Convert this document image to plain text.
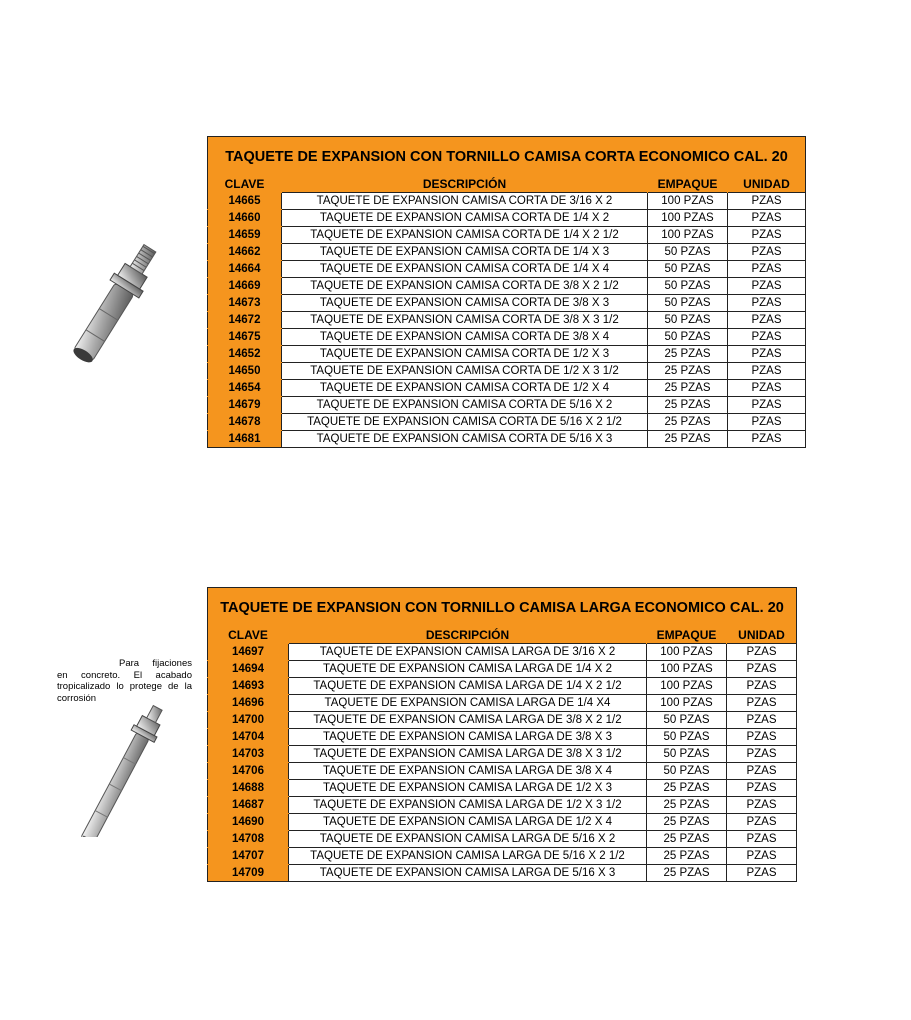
Para fijaciones en concreto. El acabado tropicalizado lo protege de la corrosión
TAQUETE DE EXPANSION CON TORNILLO CAMISA CORTA ECONOMICO CAL. 20			
CLAVE	DESCRIPCIÓN	EMPAQUE	UNIDAD
14665	TAQUETE DE EXPANSION CAMISA CORTA DE 3/16 X 2	100 PZAS	PZAS
14660	TAQUETE DE EXPANSION CAMISA CORTA DE 1/4 X 2	100 PZAS	PZAS
14659	TAQUETE DE EXPANSION CAMISA CORTA DE 1/4 X 2 1/2	100 PZAS	PZAS
14662	TAQUETE DE EXPANSION CAMISA CORTA DE 1/4 X 3	50 PZAS	PZAS
14664	TAQUETE DE EXPANSION CAMISA CORTA DE 1/4 X 4	50 PZAS	PZAS
14669	TAQUETE DE EXPANSION CAMISA CORTA DE 3/8 X 2 1/2	50 PZAS	PZAS
14673	TAQUETE DE EXPANSION CAMISA CORTA DE 3/8 X 3	50 PZAS	PZAS
14672	TAQUETE DE EXPANSION CAMISA CORTA DE 3/8 X 3 1/2	50 PZAS	PZAS
14675	TAQUETE DE EXPANSION CAMISA CORTA DE 3/8 X 4	50 PZAS	PZAS
14652	TAQUETE DE EXPANSION CAMISA CORTA DE 1/2 X 3	25 PZAS	PZAS
14650	TAQUETE DE EXPANSION CAMISA CORTA DE 1/2 X 3 1/2	25 PZAS	PZAS
14654	TAQUETE DE EXPANSION CAMISA CORTA DE 1/2 X 4	25 PZAS	PZAS
14679	TAQUETE DE EXPANSION CAMISA CORTA DE 5/16 X 2	25 PZAS	PZAS
14678	TAQUETE DE EXPANSION CAMISA CORTA DE 5/16 X 2 1/2	25 PZAS	PZAS
14681	TAQUETE DE EXPANSION CAMISA CORTA DE 5/16 X 3	25 PZAS	PZAS
TAQUETE DE EXPANSION CON TORNILLO CAMISA LARGA ECONOMICO CAL. 20			
CLAVE	DESCRIPCIÓN	EMPAQUE	UNIDAD
14697	TAQUETE DE EXPANSION CAMISA LARGA DE 3/16 X 2	100 PZAS	PZAS
14694	TAQUETE DE EXPANSION CAMISA LARGA DE 1/4 X 2	100 PZAS	PZAS
14693	TAQUETE DE EXPANSION CAMISA LARGA DE 1/4 X 2 1/2	100 PZAS	PZAS
14696	TAQUETE DE EXPANSION CAMISA LARGA DE 1/4 X4	100 PZAS	PZAS
14700	TAQUETE DE EXPANSION CAMISA LARGA DE 3/8 X 2 1/2	50 PZAS	PZAS
14704	TAQUETE DE EXPANSION CAMISA LARGA DE 3/8 X 3	50 PZAS	PZAS
14703	TAQUETE DE EXPANSION CAMISA LARGA DE 3/8 X 3 1/2	50 PZAS	PZAS
14706	TAQUETE DE EXPANSION CAMISA LARGA DE 3/8 X 4	50 PZAS	PZAS
14688	TAQUETE DE EXPANSION CAMISA LARGA DE 1/2 X 3	25 PZAS	PZAS
14687	TAQUETE DE EXPANSION CAMISA LARGA DE 1/2 X 3 1/2	25 PZAS	PZAS
14690	TAQUETE DE EXPANSION CAMISA LARGA DE 1/2 X 4	25 PZAS	PZAS
14708	TAQUETE DE EXPANSION CAMISA LARGA DE 5/16 X 2	25 PZAS	PZAS
14707	TAQUETE DE EXPANSION CAMISA LARGA DE 5/16 X 2 1/2	25 PZAS	PZAS
14709	TAQUETE DE EXPANSION CAMISA LARGA DE 5/16 X 3	25 PZAS	PZAS
